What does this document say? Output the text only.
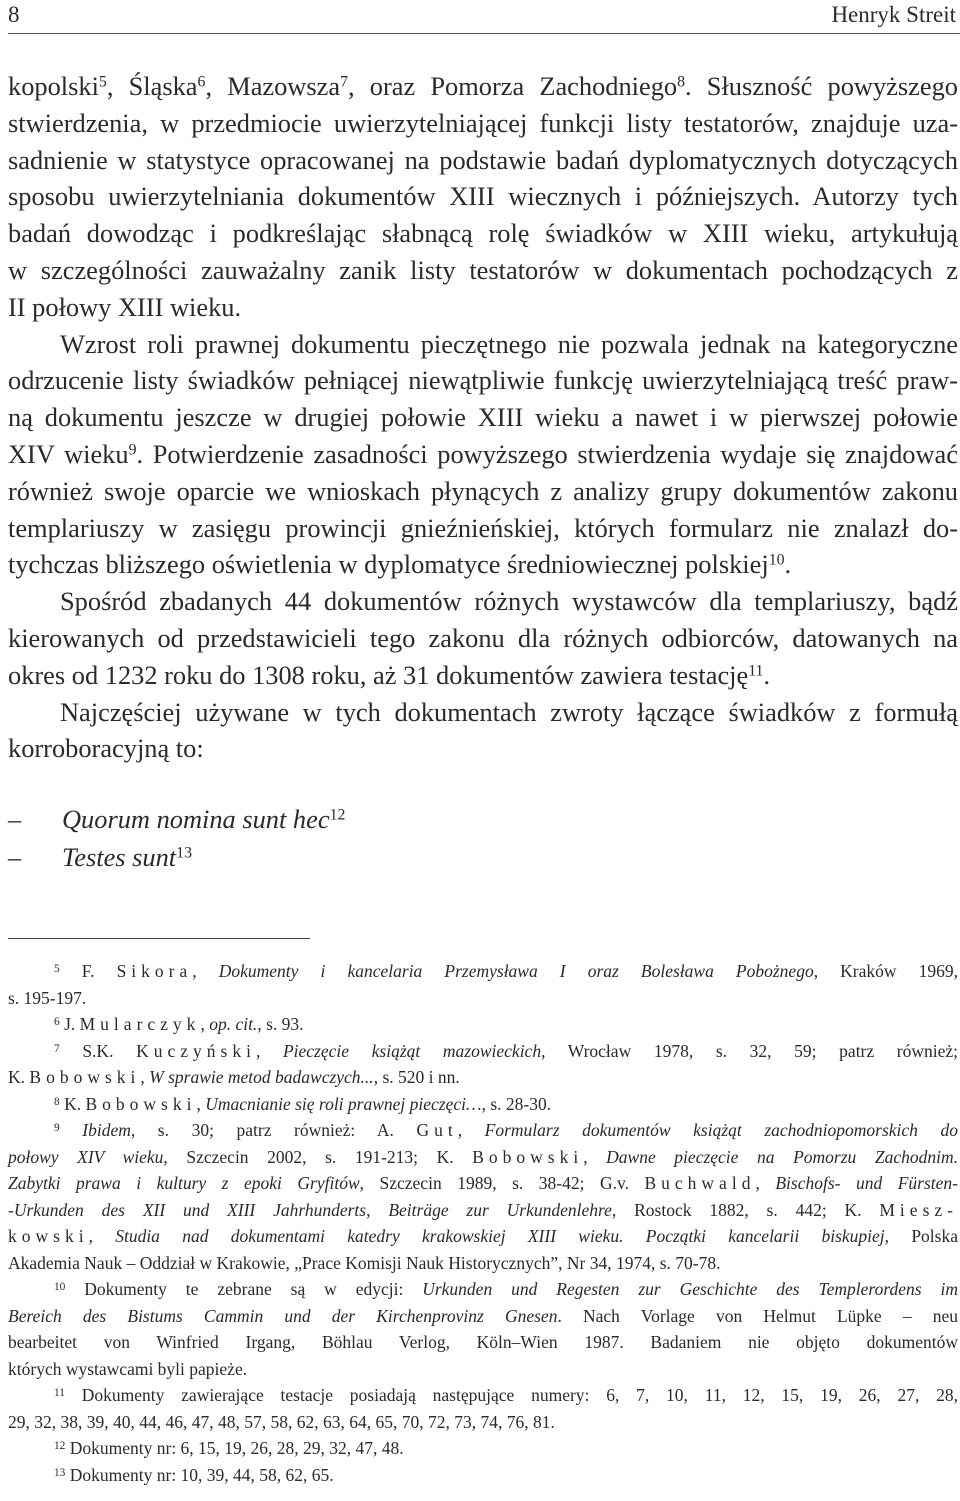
8	Henryk Streit
kopolski$^5$, Śląska$^6$, Mazowsza$^7$, oraz Pomorza Zachodniego$^8$. Słuszność powyższego
stwierdzenia, w przedmiocie uwierzytelniającej funkcji listy testatorów, znajduje uza-
sadnienie w statystyce opracowanej na podstawie badań dyplomatycznych dotyczących
sposobu uwierzytelniania dokumentów XIII wiecznych i późniejszych. Autorzy tych
badań dowodząc i podkreślając słabnącą rolę świadków w XIII wieku, artykułują
w szczególności zauważalny zanik listy testatorów w dokumentach pochodzących z
II połowy XIII wieku.
Wzrost roli prawnej dokumentu pieczętnego nie pozwala jednak na kategoryczne
odrzucenie listy świadków pełniącej niewątpliwie funkcję uwierzytelniającą treść praw-
ną dokumentu jeszcze w drugiej połowie XIII wieku a nawet i w pierwszej połowie
XIV wieku$^9$. Potwierdzenie zasadności powyższego stwierdzenia wydaje się znajdować
również swoje oparcie we wnioskach płynących z analizy grupy dokumentów zakonu
templariuszy w zasięgu prowincji gnieźnieńskiej, których formularz nie znalazł do-
tychczas bliższego oświetlenia w dyplomatyce średniowiecznej polskiej$^{10}$.
Spośród zbadanych 44 dokumentów różnych wystawców dla templariuszy, bądź
kierowanych od przedstawicieli tego zakonu dla różnych odbiorców, datowanych na
okres od 1232 roku do 1308 roku, aż 31 dokumentów zawiera testację$^{11}$.
Najczęściej używane w tych dokumentach zwroty łączące świadków z formułą
korroboracyjną to:
– Quorum nomina sunt hec$^{12}$
– Testes sunt$^{13}$
$^5$ F. Sikora, Dokumenty i kancelaria Przemysława I oraz Bolesława Pobożnego, Kraków 1969,
s. 195-197.
$^6$ J. Mularczyk, op. cit., s. 93.
$^7$ S.K. Kuczyński, Pieczęcie książąt mazowieckich, Wrocław 1978, s. 32, 59; patrz również;
K. Bobowski, W sprawie metod badawczych..., s. 520 i nn.
$^8$ K. Bobowski, Umacnianie się roli prawnej pieczęci…, s. 28-30.
$^9$ Ibidem, s. 30; patrz również: A. Gut, Formularz dokumentów książąt zachodniopomorskich do
połowy XIV wieku, Szczecin 2002, s. 191-213; K. Bobowski, Dawne pieczęcie na Pomorzu Zachodnim.
Zabytki prawa i kultury z epoki Gryfitów, Szczecin 1989, s. 38-42; G.v. Buchwald, Bischofs- und Fürsten-
-Urkunden des XII und XIII Jahrhunderts, Beiträge zur Urkundenlehre, Rostock 1882, s. 442; K. Miesz-
kowski, Studia nad dokumentami katedry krakowskiej XIII wieku. Początki kancelarii biskupiej, Polska
Akademia Nauk – Oddział w Krakowie, „Prace Komisji Nauk Historycznych”, Nr 34, 1974, s. 70-78.
$^{10}$ Dokumenty te zebrane są w edycji: Urkunden und Regesten zur Geschichte des Templerordens im
Bereich des Bistums Cammin und der Kirchenprovinz Gnesen. Nach Vorlage von Helmut Lüpke – neu
bearbeitet von Winfried Irgang, Böhlau Verlog, Köln–Wien 1987. Badaniem nie objęto dokumentów
których wystawcami byli papieże.
$^{11}$ Dokumenty zawierające testacje posiadają następujące numery: 6, 7, 10, 11, 12, 15, 19, 26, 27, 28,
29, 32, 38, 39, 40, 44, 46, 47, 48, 57, 58, 62, 63, 64, 65, 70, 72, 73, 74, 76, 81.
$^{12}$ Dokumenty nr: 6, 15, 19, 26, 28, 29, 32, 47, 48.
$^{13}$ Dokumenty nr: 10, 39, 44, 58, 62, 65.
